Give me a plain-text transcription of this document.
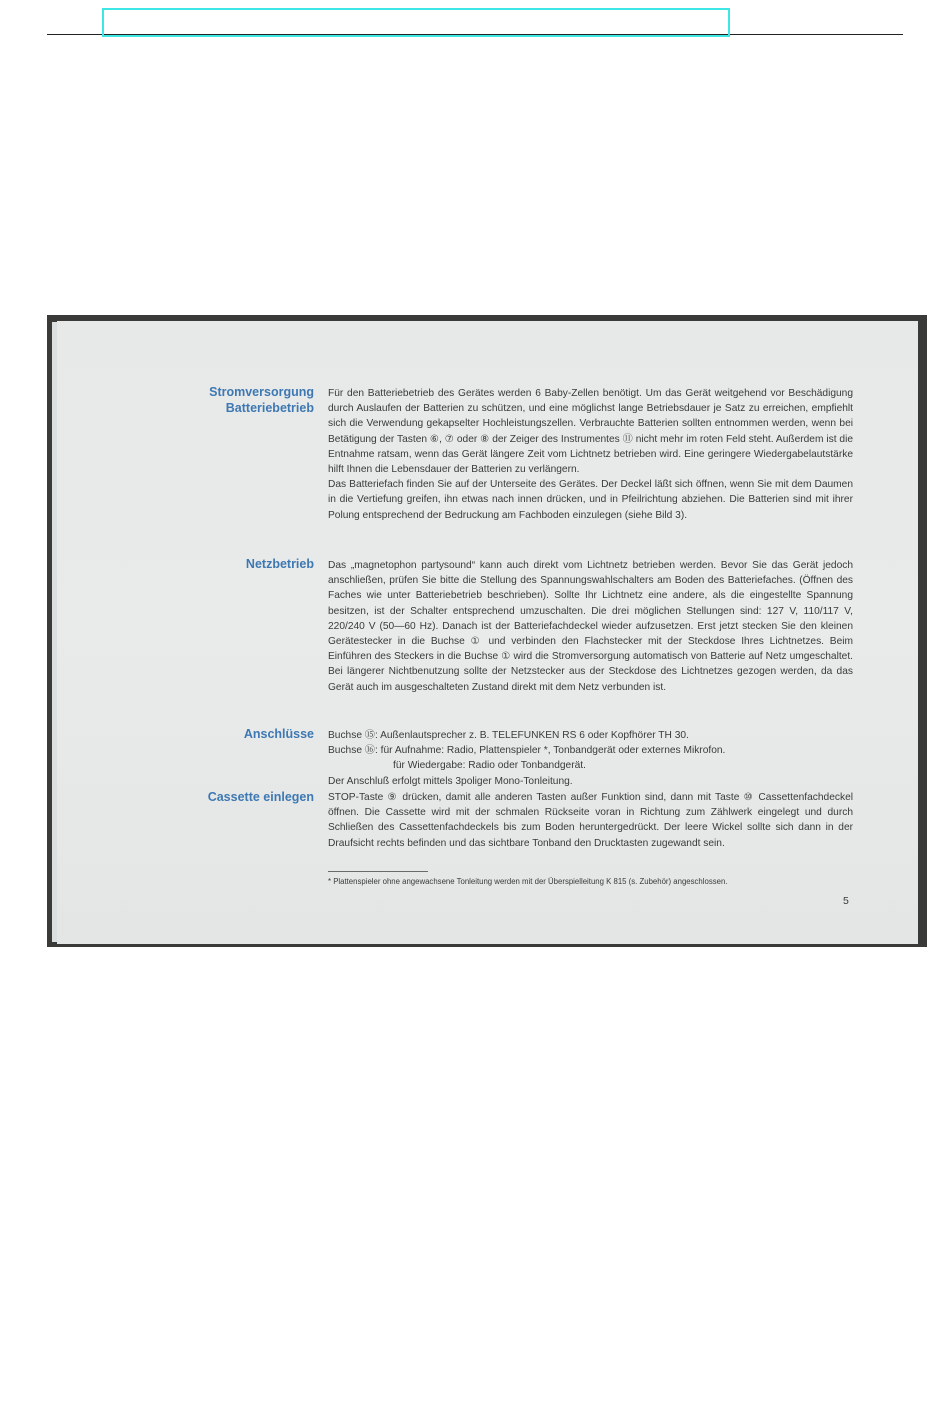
Stromversorgung
Batteriebetrieb

Für den Batteriebetrieb des Gerätes werden 6 Baby-Zellen benötigt. Um das Gerät weitgehend vor Beschädigung durch Auslaufen der Batterien zu schützen, und eine möglichst lange Betriebsdauer je Satz zu erreichen, empfiehlt sich die Verwendung gekapselter Hochleistungszellen. Verbrauchte Batterien sollten entnommen werden, wenn bei Betätigung der Tasten ⑥, ⑦ oder ⑧ der Zeiger des Instrumentes ⑪ nicht mehr im roten Feld steht. Außerdem ist die Entnahme ratsam, wenn das Gerät längere Zeit vom Lichtnetz betrieben wird. Eine geringere Wiedergabelautstärke hilft Ihnen die Lebensdauer der Batterien zu verlängern.

Das Batteriefach finden Sie auf der Unterseite des Gerätes. Der Deckel läßt sich öffnen, wenn Sie mit dem Daumen in die Vertiefung greifen, ihn etwas nach innen drücken, und in Pfeilrichtung abziehen. Die Batterien sind mit ihrer Polung entsprechend der Bedruckung am Fachboden einzulegen (siehe Bild 3).

Netzbetrieb Das „magnetophon partysound“ kann auch direkt vom Lichtnetz betrieben werden. Bevor Sie das Gerät jedoch anschließen, prüfen Sie bitte die Stellung des Spannungswahlschalters am Boden des Batteriefaches. (Öffnen des Faches wie unter Batteriebetrieb beschrieben). Sollte Ihr Lichtnetz eine andere, als die eingestellte Spannung besitzen, ist der Schalter entsprechend umzuschalten. Die drei möglichen Stellungen sind: 127 V, 110/117 V, 220/240 V (50—60 Hz). Danach ist der Batteriefachdeckel wieder aufzusetzen. Erst jetzt stecken Sie den kleinen Gerätestecker in die Buchse ① und verbinden den Flachstecker mit der Steckdose Ihres Lichtnetzes. Beim Einführen des Steckers in die Buchse ① wird die Stromversorgung automatisch von Batterie auf Netz umgeschaltet. Bei längerer Nichtbenutzung sollte der Netzstecker aus der Steckdose des Lichtnetzes gezogen werden, da das Gerät auch im ausgeschalteten Zustand direkt mit dem Netz verbunden ist.

Anschlüsse Buchse ⑮: Außenlautsprecher z. B. TELEFUNKEN RS 6 oder Kopfhörer TH 30.
Buchse ⑯: für Aufnahme: Radio, Plattenspieler *, Tonbandgerät oder externes Mikrofon.
für Wiedergabe: Radio oder Tonbandgerät.
Der Anschluß erfolgt mittels 3poliger Mono-Tonleitung.
Cassette einlegen STOP-Taste ⑨ drücken, damit alle anderen Tasten außer Funktion sind, dann mit Taste ⑩ Cassettenfachdeckel öffnen. Die Cassette wird mit der schmalen Rückseite voran in Richtung zum Zählwerk eingelegt und durch Schließen des Cassettenfachdeckels bis zum Boden heruntergedrückt. Der leere Wickel sollte sich dann in der Draufsicht rechts befinden und das sichtbare Tonband den Drucktasten zugewandt sein.

* Plattenspieler ohne angewachsene Tonleitung werden mit der Überspielleitung K 815 (s. Zubehör) angeschlossen.
5
